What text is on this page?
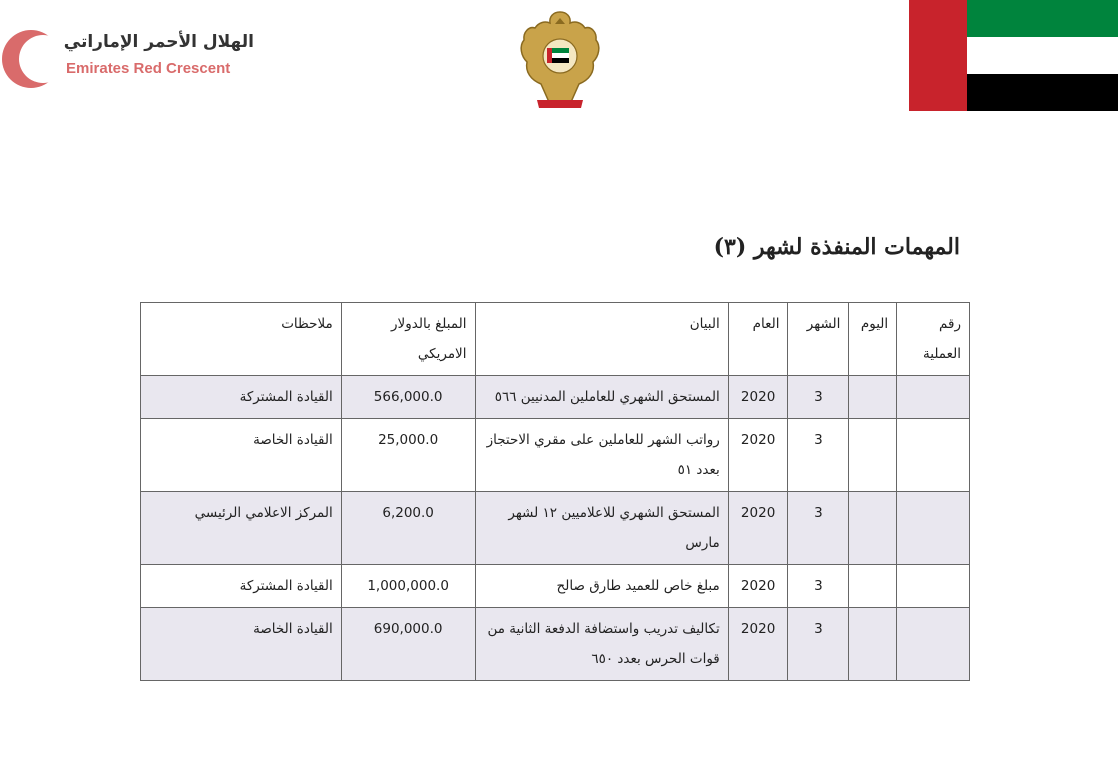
الهلال الأحمر الإماراتي
Emirates Red Crescent
المهمات المنفذة لشهر (٣)
رقم العملية	اليوم	الشهر	العام	البيان	المبلغ بالدولار الامريكي	ملاحظات
		3	2020	المستحق الشهري للعاملين المدنيين ٥٦٦	566,000.0	القيادة المشتركة
		3	2020	رواتب الشهر للعاملين على مقري الاحتجاز بعدد ٥١	25,000.0	القيادة الخاصة
		3	2020	المستحق الشهري للاعلاميين ١٢ لشهر مارس	6,200.0	المركز الاعلامي الرئيسي
		3	2020	مبلغ خاص للعميد طارق صالح	1,000,000.0	القيادة المشتركة
		3	2020	تكاليف تدريب واستضافة الدفعة الثانية من قوات الحرس بعدد ٦٥٠	690,000.0	القيادة الخاصة
